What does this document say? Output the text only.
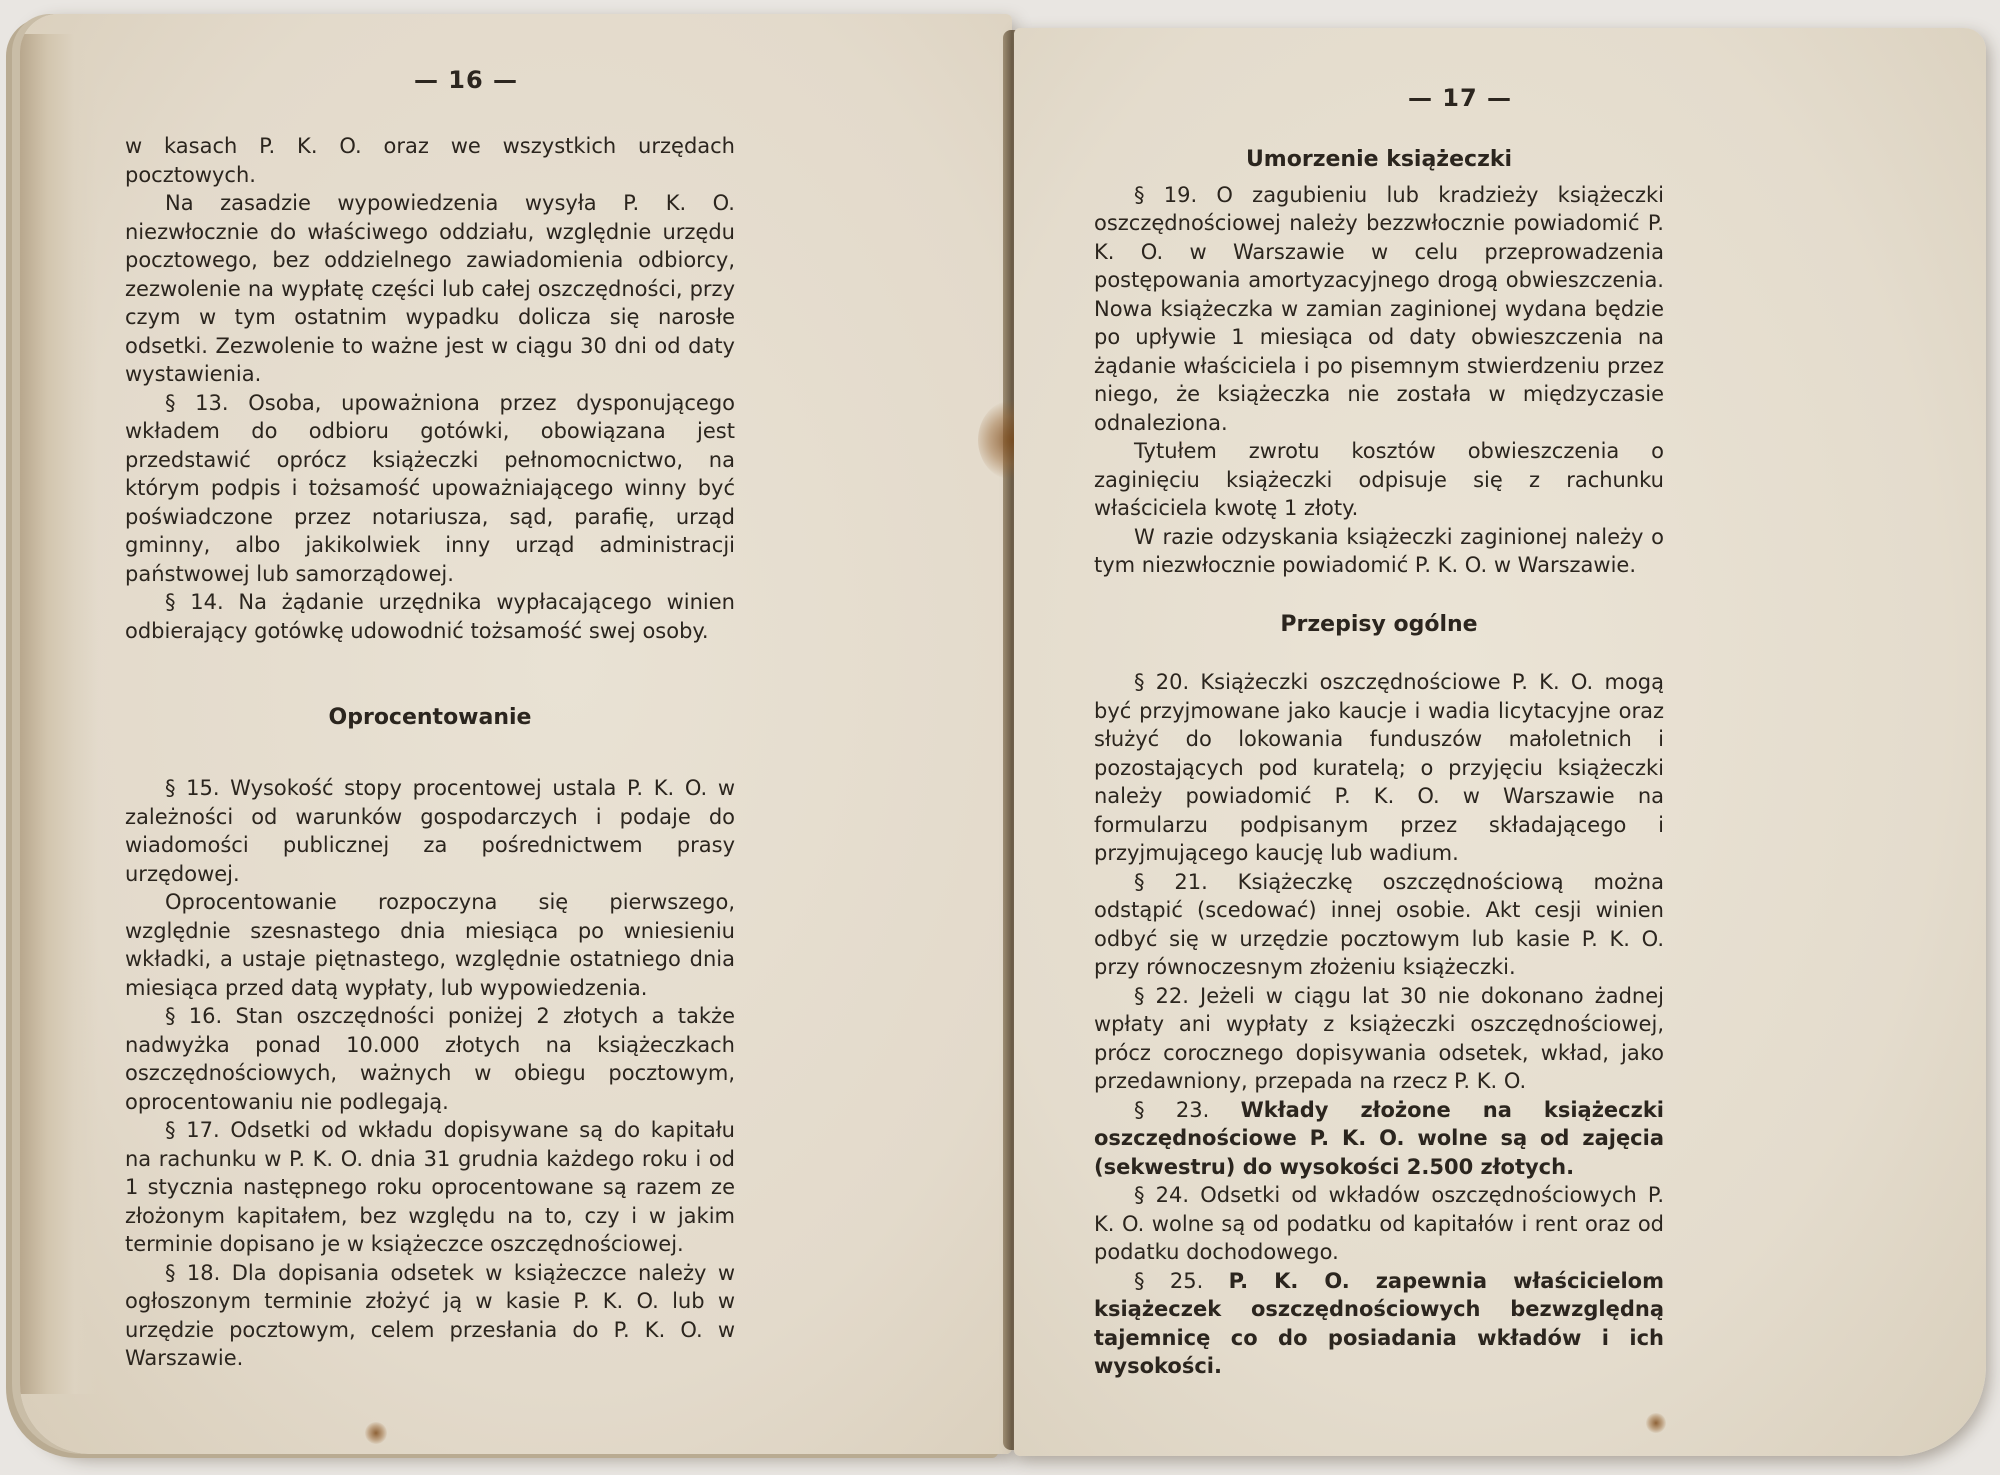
— 16 —

w kasach P. K. O. oraz we wszystkich urzędach pocztowych.

Na zasadzie wypowiedzenia wysyła P. K. O. niezwłocznie do właściwego oddziału, względnie urzędu pocztowego, bez oddzielnego zawiadomienia odbiorcy, zezwolenie na wypłatę części lub całej oszczędności, przy czym w tym ostatnim wypadku dolicza się narosłe odsetki. Zezwolenie to ważne jest w ciągu 30 dni od daty wystawienia.

§ 13. Osoba, upoważniona przez dysponującego wkładem do odbioru gotówki, obowiązana jest przedstawić oprócz książeczki pełnomocnictwo, na którym podpis i tożsamość upoważniającego winny być poświadczone przez notariusza, sąd, parafię, urząd gminny, albo jakikolwiek inny urząd administracji państwowej lub samorządowej.

§ 14. Na żądanie urzędnika wypłacającego winien odbierający gotówkę udowodnić tożsamość swej osoby.

Oprocentowanie

§ 15. Wysokość stopy procentowej ustala P. K. O. w zależności od warunków gospodarczych i podaje do wiadomości publicznej za pośrednictwem prasy urzędowej.

Oprocentowanie rozpoczyna się pierwszego, względnie szesnastego dnia miesiąca po wniesieniu wkładki, a ustaje piętnastego, względnie ostatniego dnia miesiąca przed datą wypłaty, lub wypowiedzenia.

§ 16. Stan oszczędności poniżej 2 złotych a także nadwyżka ponad 10.000 złotych na książeczkach oszczędnościowych, ważnych w obiegu pocztowym, oprocentowaniu nie podlegają.

§ 17. Odsetki od wkładu dopisywane są do kapitału na rachunku w P. K. O. dnia 31 grudnia każdego roku i od 1 stycznia następnego roku oprocentowane są razem ze złożonym kapitałem, bez względu na to, czy i w jakim terminie dopisano je w książeczce oszczędnościowej.

§ 18. Dla dopisania odsetek w książeczce należy w ogłoszonym terminie złożyć ją w kasie P. K. O. lub w urzędzie pocztowym, celem przesłania do P. K. O. w Warszawie.

— 17 —

Umorzenie książeczki

§ 19. O zagubieniu lub kradzieży książeczki oszczędnościowej należy bezzwłocznie powiadomić P. K. O. w Warszawie w celu przeprowadzenia postępowania amortyzacyjnego drogą obwieszczenia. Nowa książeczka w zamian zaginionej wydana będzie po upływie 1 miesiąca od daty obwieszczenia na żądanie właściciela i po pisemnym stwierdzeniu przez niego, że książeczka nie została w międzyczasie odnaleziona.

Tytułem zwrotu kosztów obwieszczenia o zaginięciu książeczki odpisuje się z rachunku właściciela kwotę 1 złoty.

W razie odzyskania książeczki zaginionej należy o tym niezwłocznie powiadomić P. K. O. w Warszawie.

Przepisy ogólne

§ 20. Książeczki oszczędnościowe P. K. O. mogą być przyjmowane jako kaucje i wadia licytacyjne oraz służyć do lokowania funduszów małoletnich i pozostających pod kuratelą; o przyjęciu książeczki należy powiadomić P. K. O. w Warszawie na formularzu podpisanym przez składającego i przyjmującego kaucję lub wadium.

§ 21. Książeczkę oszczędnościową można odstąpić (scedować) innej osobie. Akt cesji winien odbyć się w urzędzie pocztowym lub kasie P. K. O. przy równoczesnym złożeniu książeczki.

§ 22. Jeżeli w ciągu lat 30 nie dokonano żadnej wpłaty ani wypłaty z książeczki oszczędnościowej, prócz corocznego dopisywania odsetek, wkład, jako przedawniony, przepada na rzecz P. K. O.

§ 23. Wkłady złożone na książeczki oszczędnościowe P. K. O. wolne są od zajęcia (sekwestru) do wysokości 2.500 złotych.

§ 24. Odsetki od wkładów oszczędnościowych P. K. O. wolne są od podatku od kapitałów i rent oraz od podatku dochodowego.

§ 25. P. K. O. zapewnia właścicielom książeczek oszczędnościowych bezwzględną tajemnicę co do posiadania wkładów i ich wysokości.
